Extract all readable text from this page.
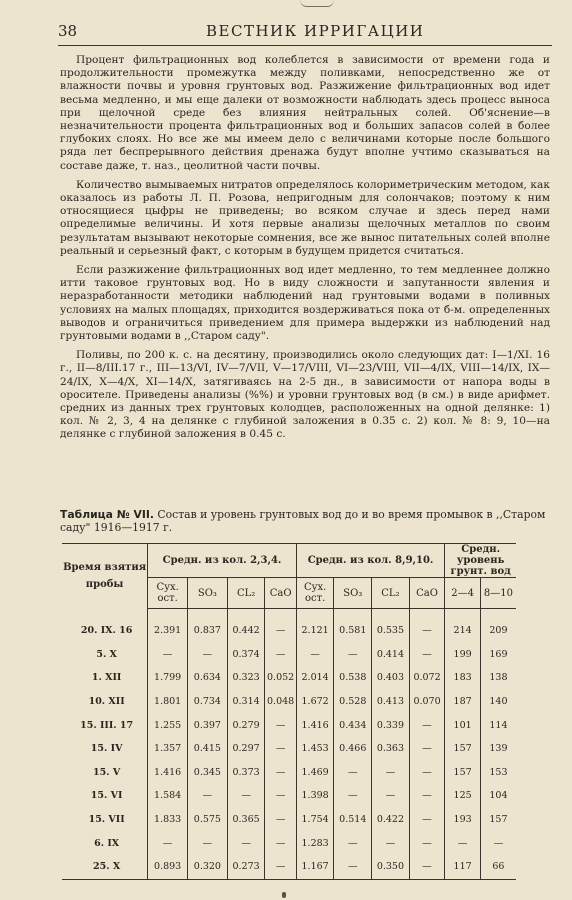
38	ВЕСТНИК ИРРИГАЦИИ

Процент фильтрационных вод колеблется в зависимости от времени года и продолжительности промежутка между поливками, непосредственно же от влажности почвы и уровня грунтовых вод. Разжижение фильтрационных вод идет весьма медленно, и мы еще далеки от возможности наблюдать здесь процесс выноса при щелочной среде без влияния нейтральных солей. Об'яснение—в незначительности процента фильтрационных вод и больших запасов солей в более глубоких слоях. Но все же мы имеем дело с величинами которые после большого ряда лет беспрерывного действия дренажа будут вполне учтимо сказываться на составе даже, т. наз., цеолитной части почвы.

Количество вымываемых нитратов определялось колориметрическим методом, как оказалось из работы Л. П. Розова, непригодным для солончаков; поэтому к ним относящиеся цыфры не приведены; во всяком случае и здесь перед нами определимые величины. И хотя первые анализы щелочных металлов по своим результатам вызывают некоторые сомнения, все же вынос питательных солей вполне реальный и серьезный факт, с которым в будущем придется считаться.

Если разжижение фильтрационных вод идет медленно, то тем медленнее должно итти таковое грунтовых вод. Но в виду сложности и запутанности явления и неразработанности методики наблюдений над грунтовыми водами в поливных условиях на малых площадях, приходится воздерживаться пока от б-м. определенных выводов и ограничиться приведением для примера выдержки из наблюдений над грунтовыми водами в ,,Старом саду".

Поливы, по 200 к. с. на десятину, производились около следующих дат: I—1/XI. 16 г., II—8/III.17 г., III—13/VI, IV—7/VII, V—17/VIII, VI—23/VIII, VII—4/IX, VIII—14/IX, IX—24/IX, X—4/X, XI—14/X, затягиваясь на 2-5 дн., в зависимости от напора воды в оросителе. Приведены анализы (%%) и уровни грунтовых вод (в см.) в виде арифмет. средних из данных трех грунтовых колодцев, расположенных на одной делянке: 1) кол. № 2, 3, 4 на делянке с глубиной заложения в 0.35 с. 2) кол. № 8: 9, 10—на делянке с глубиной заложения в 0.45 с.

Таблица № VII. Состав и уровень грунтовых вод до и во время промывок в ,,Старом саду" 1916—1917 г.
Время взятия пробы	Средн. из кол. 2,3,4.				Средн. из кол. 8,9,10.				Средн. уровень грунт. вод	
	Сух. ост.	SO₃	CL₂	CaO	Сух. ост.	SO₃	CL₂	CaO	2—4	8—10
20. IX. 16	2.391	0.837	0.442	—	2.121	0.581	0.535	—	214	209
5. X	—	—	0.374	—	—	—	0.414	—	199	169
1. XII	1.799	0.634	0.323	0.052	2.014	0.538	0.403	0.072	183	138
10. XII	1.801	0.734	0.314	0.048	1.672	0.528	0.413	0.070	187	140
15. III. 17	1.255	0.397	0.279	—	1.416	0.434	0.339	—	101	114
15. IV	1.357	0.415	0.297	—	1.453	0.466	0.363	—	157	139
15. V	1.416	0.345	0.373	—	1.469	—	—	—	157	153
15. VI	1.584	—	—	—	1.398	—	—	—	125	104
15. VII	1.833	0.575	0.365	—	1.754	0.514	0.422	—	193	157
6. IX	—	—	—	—	1.283	—	—	—	—	—
25. X	0.893	0.320	0.273	—	1.167	—	0.350	—	117	66
